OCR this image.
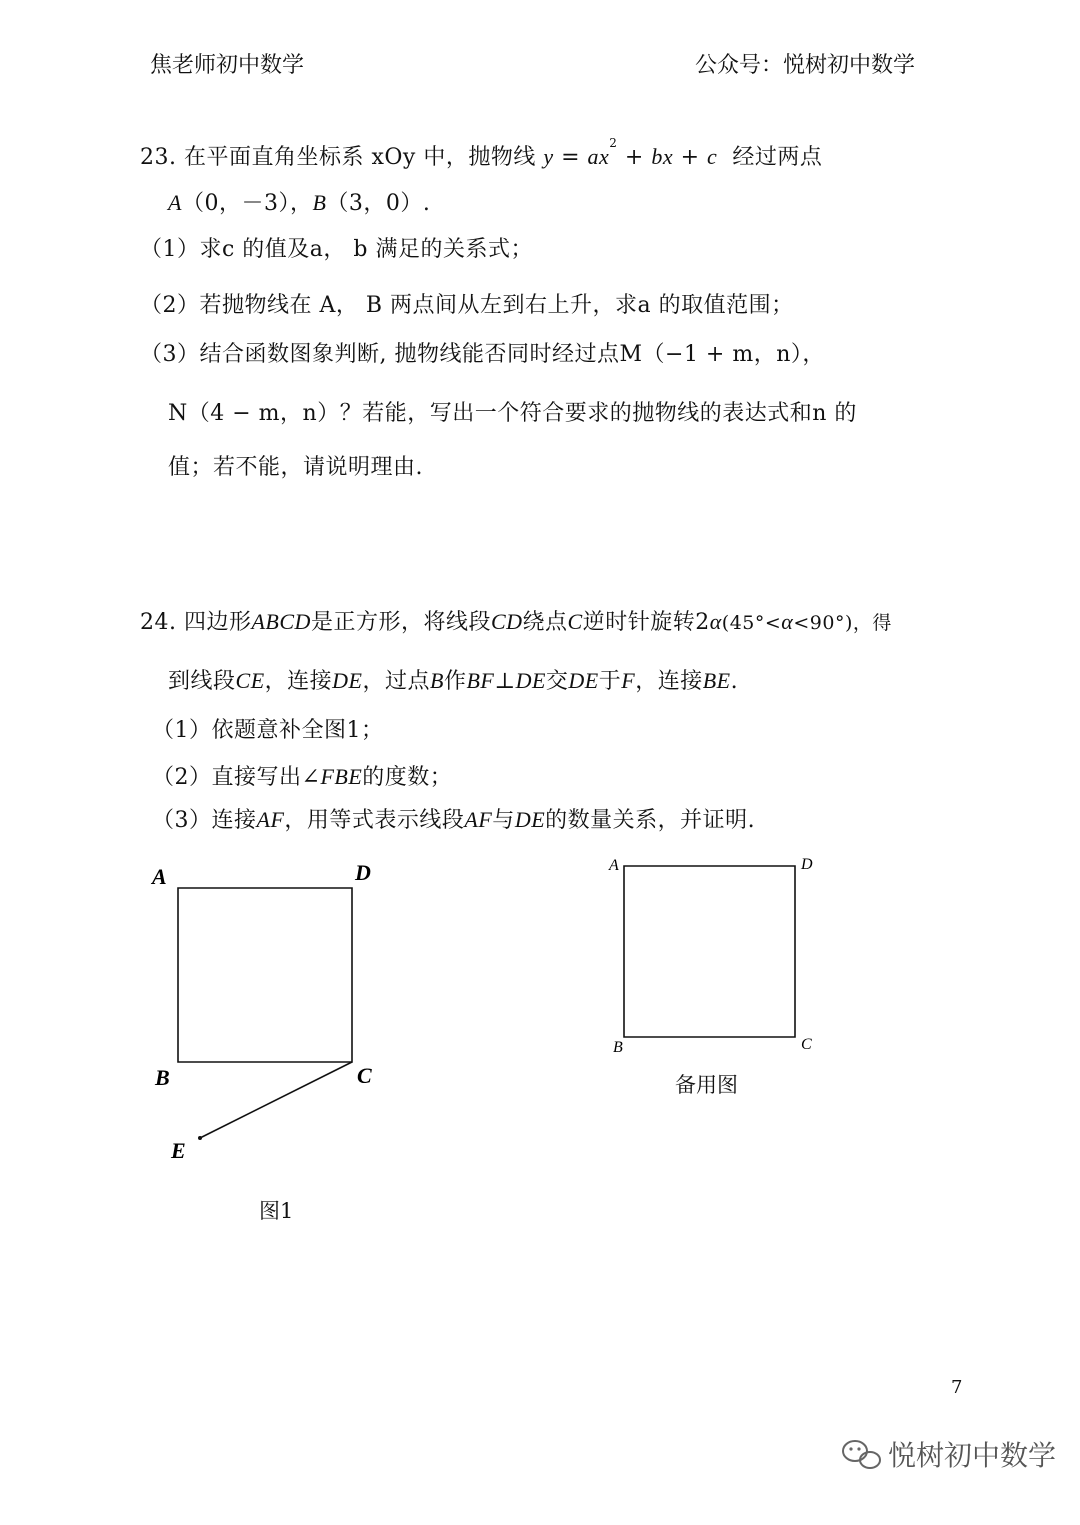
焦老师初中数学	公众号：悦树初中数学
23. 在平面直角坐标系 xOy 中，抛物线 $y = ax^2$ + bx + c 经过两点
A（0，－3），B（3，0）.
（1）求c 的值及a， b 满足的关系式；
（2）若抛物线在 A， B 两点间从左到右上升，求a 的取值范围；
（3）结合函数图象判断, 抛物线能否同时经过点M（−1 + m，n），
N（4 − m，n）？若能，写出一个符合要求的抛物线的表达式和n 的
值；若不能，请说明理由.
24. 四边形ABCD是正方形，将线段CD绕点C逆时针旋转2α(45°<α<90°)，得
到线段CE，连接DE，过点B作BF⊥DE交DE于F，连接BE.
（1）依题意补全图1；
（2）直接写出∠FBE的度数；
（3）连接AF，用等式表示线段AF与DE的数量关系，并证明.
A	D
B	C
E
A	D
B	C
图1
备用图
7
悦树初中数学
